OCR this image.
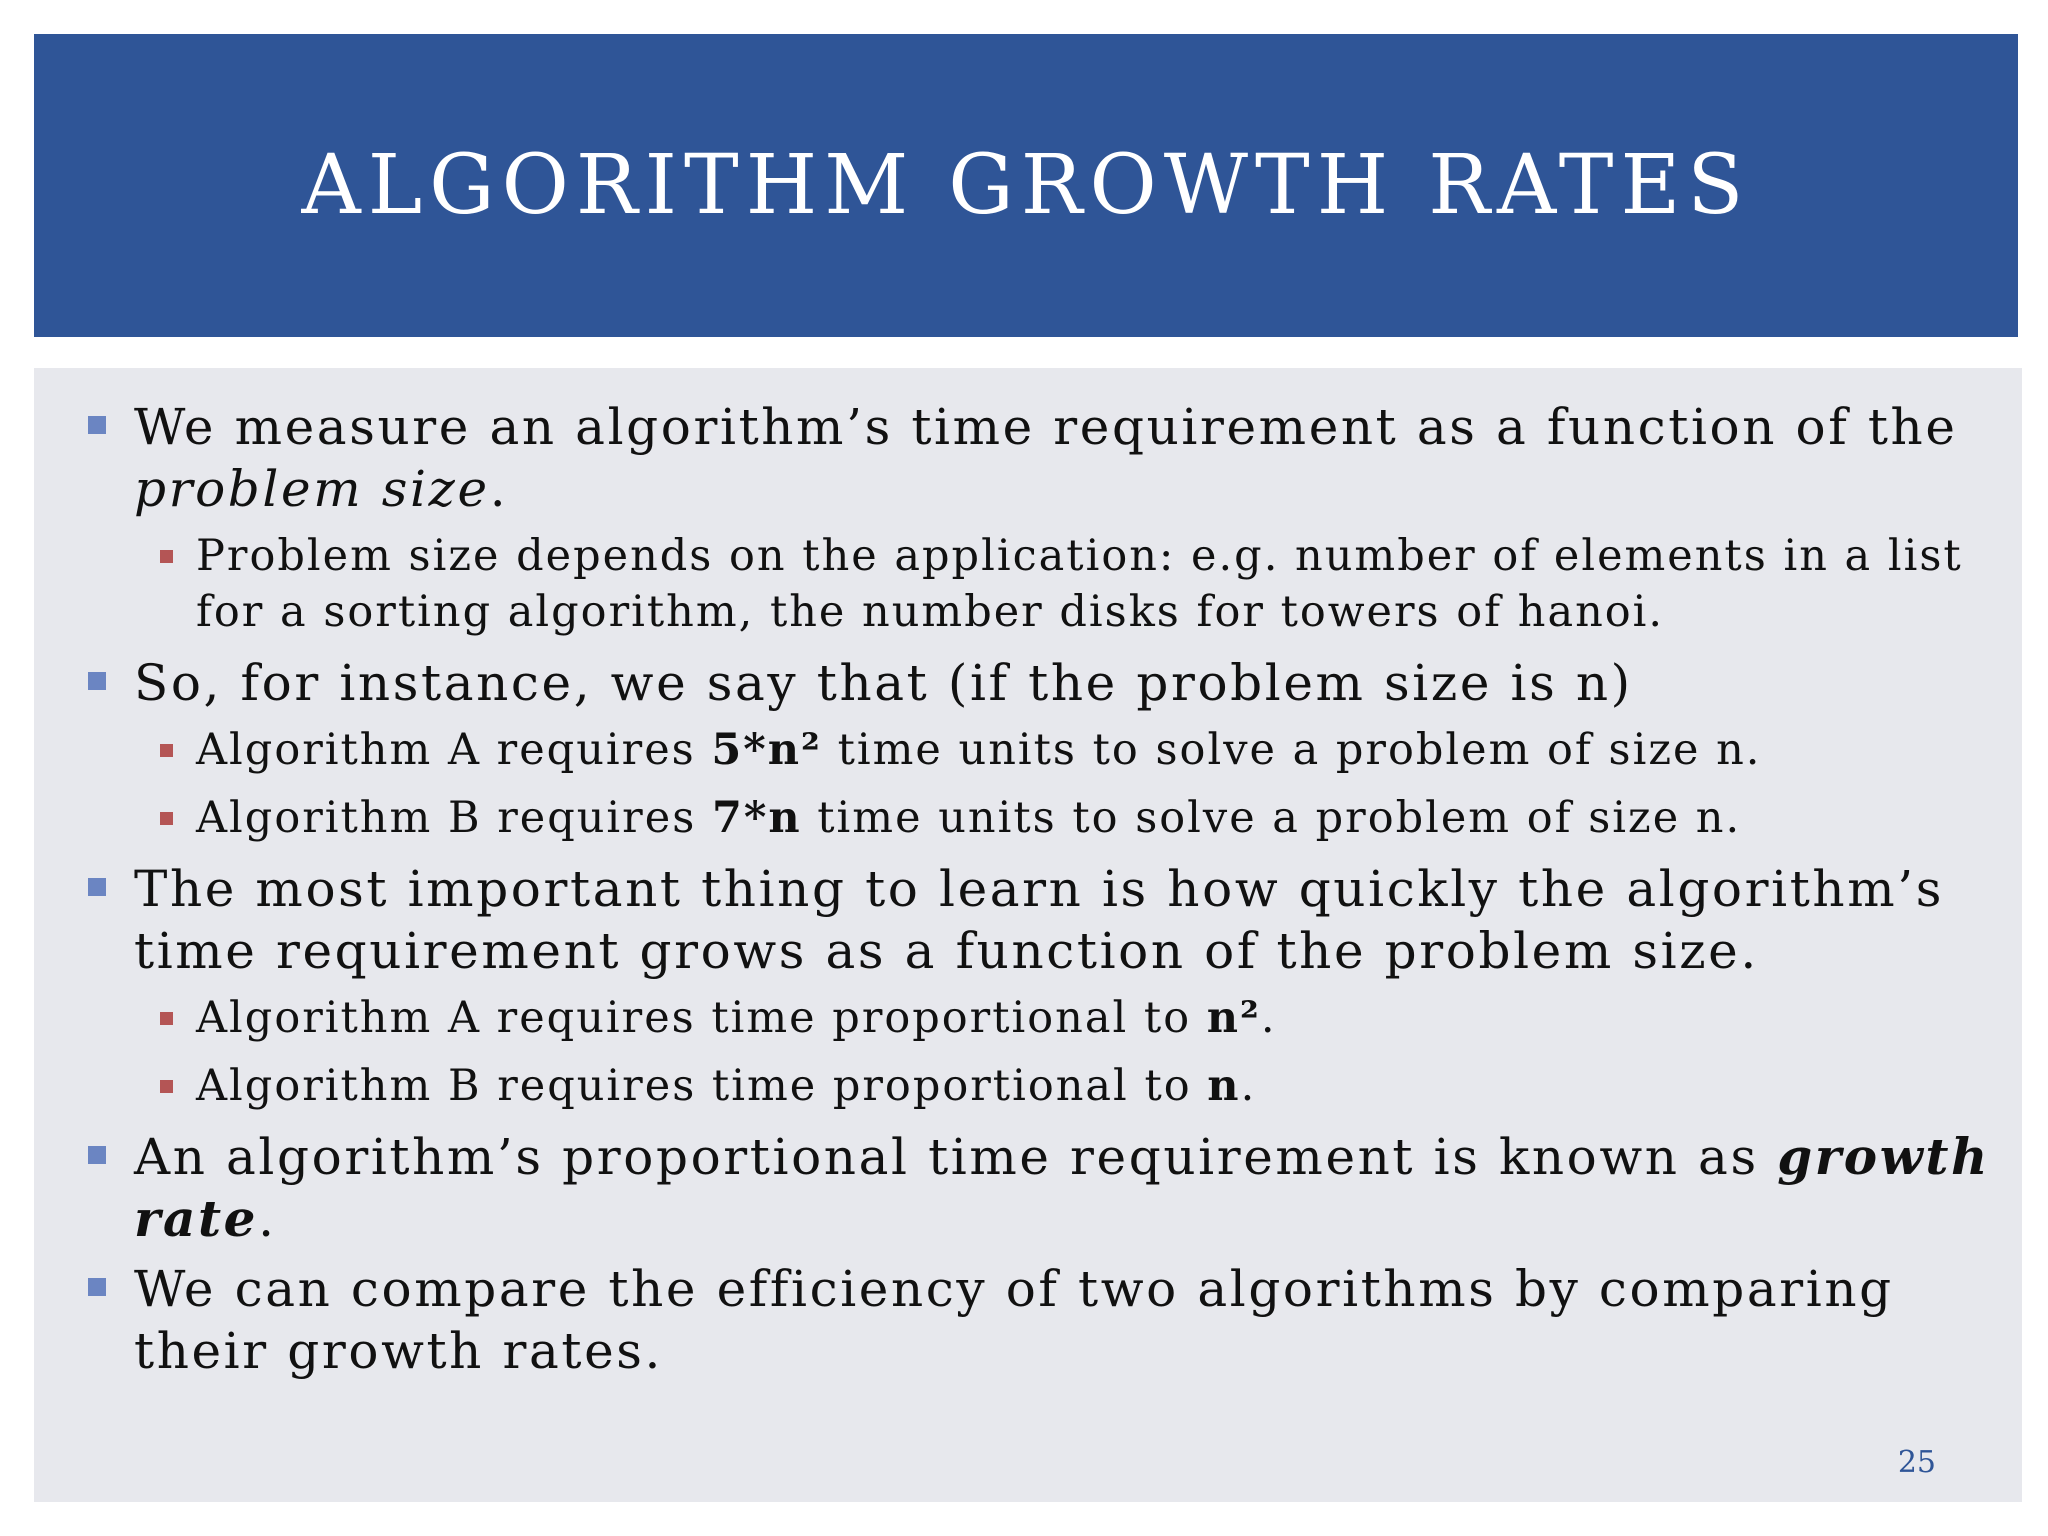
ALGORITHM GROWTH RATES
We measure an algorithm’s time requirement as a function of the problem size.
Problem size depends on the application: e.g. number of elements in a list for a sorting algorithm, the number disks for towers of hanoi.
So, for instance, we say that (if the problem size is n)
Algorithm A requires 5*n² time units to solve a problem of size n.
Algorithm B requires 7*n time units to solve a problem of size n.
The most important thing to learn is how quickly the algorithm’s time requirement grows as a function of the problem size.
Algorithm A requires time proportional to n².
Algorithm B requires time proportional to n.
An algorithm’s proportional time requirement is known as growth rate.
We can compare the efficiency of two algorithms by comparing their growth rates.
25
